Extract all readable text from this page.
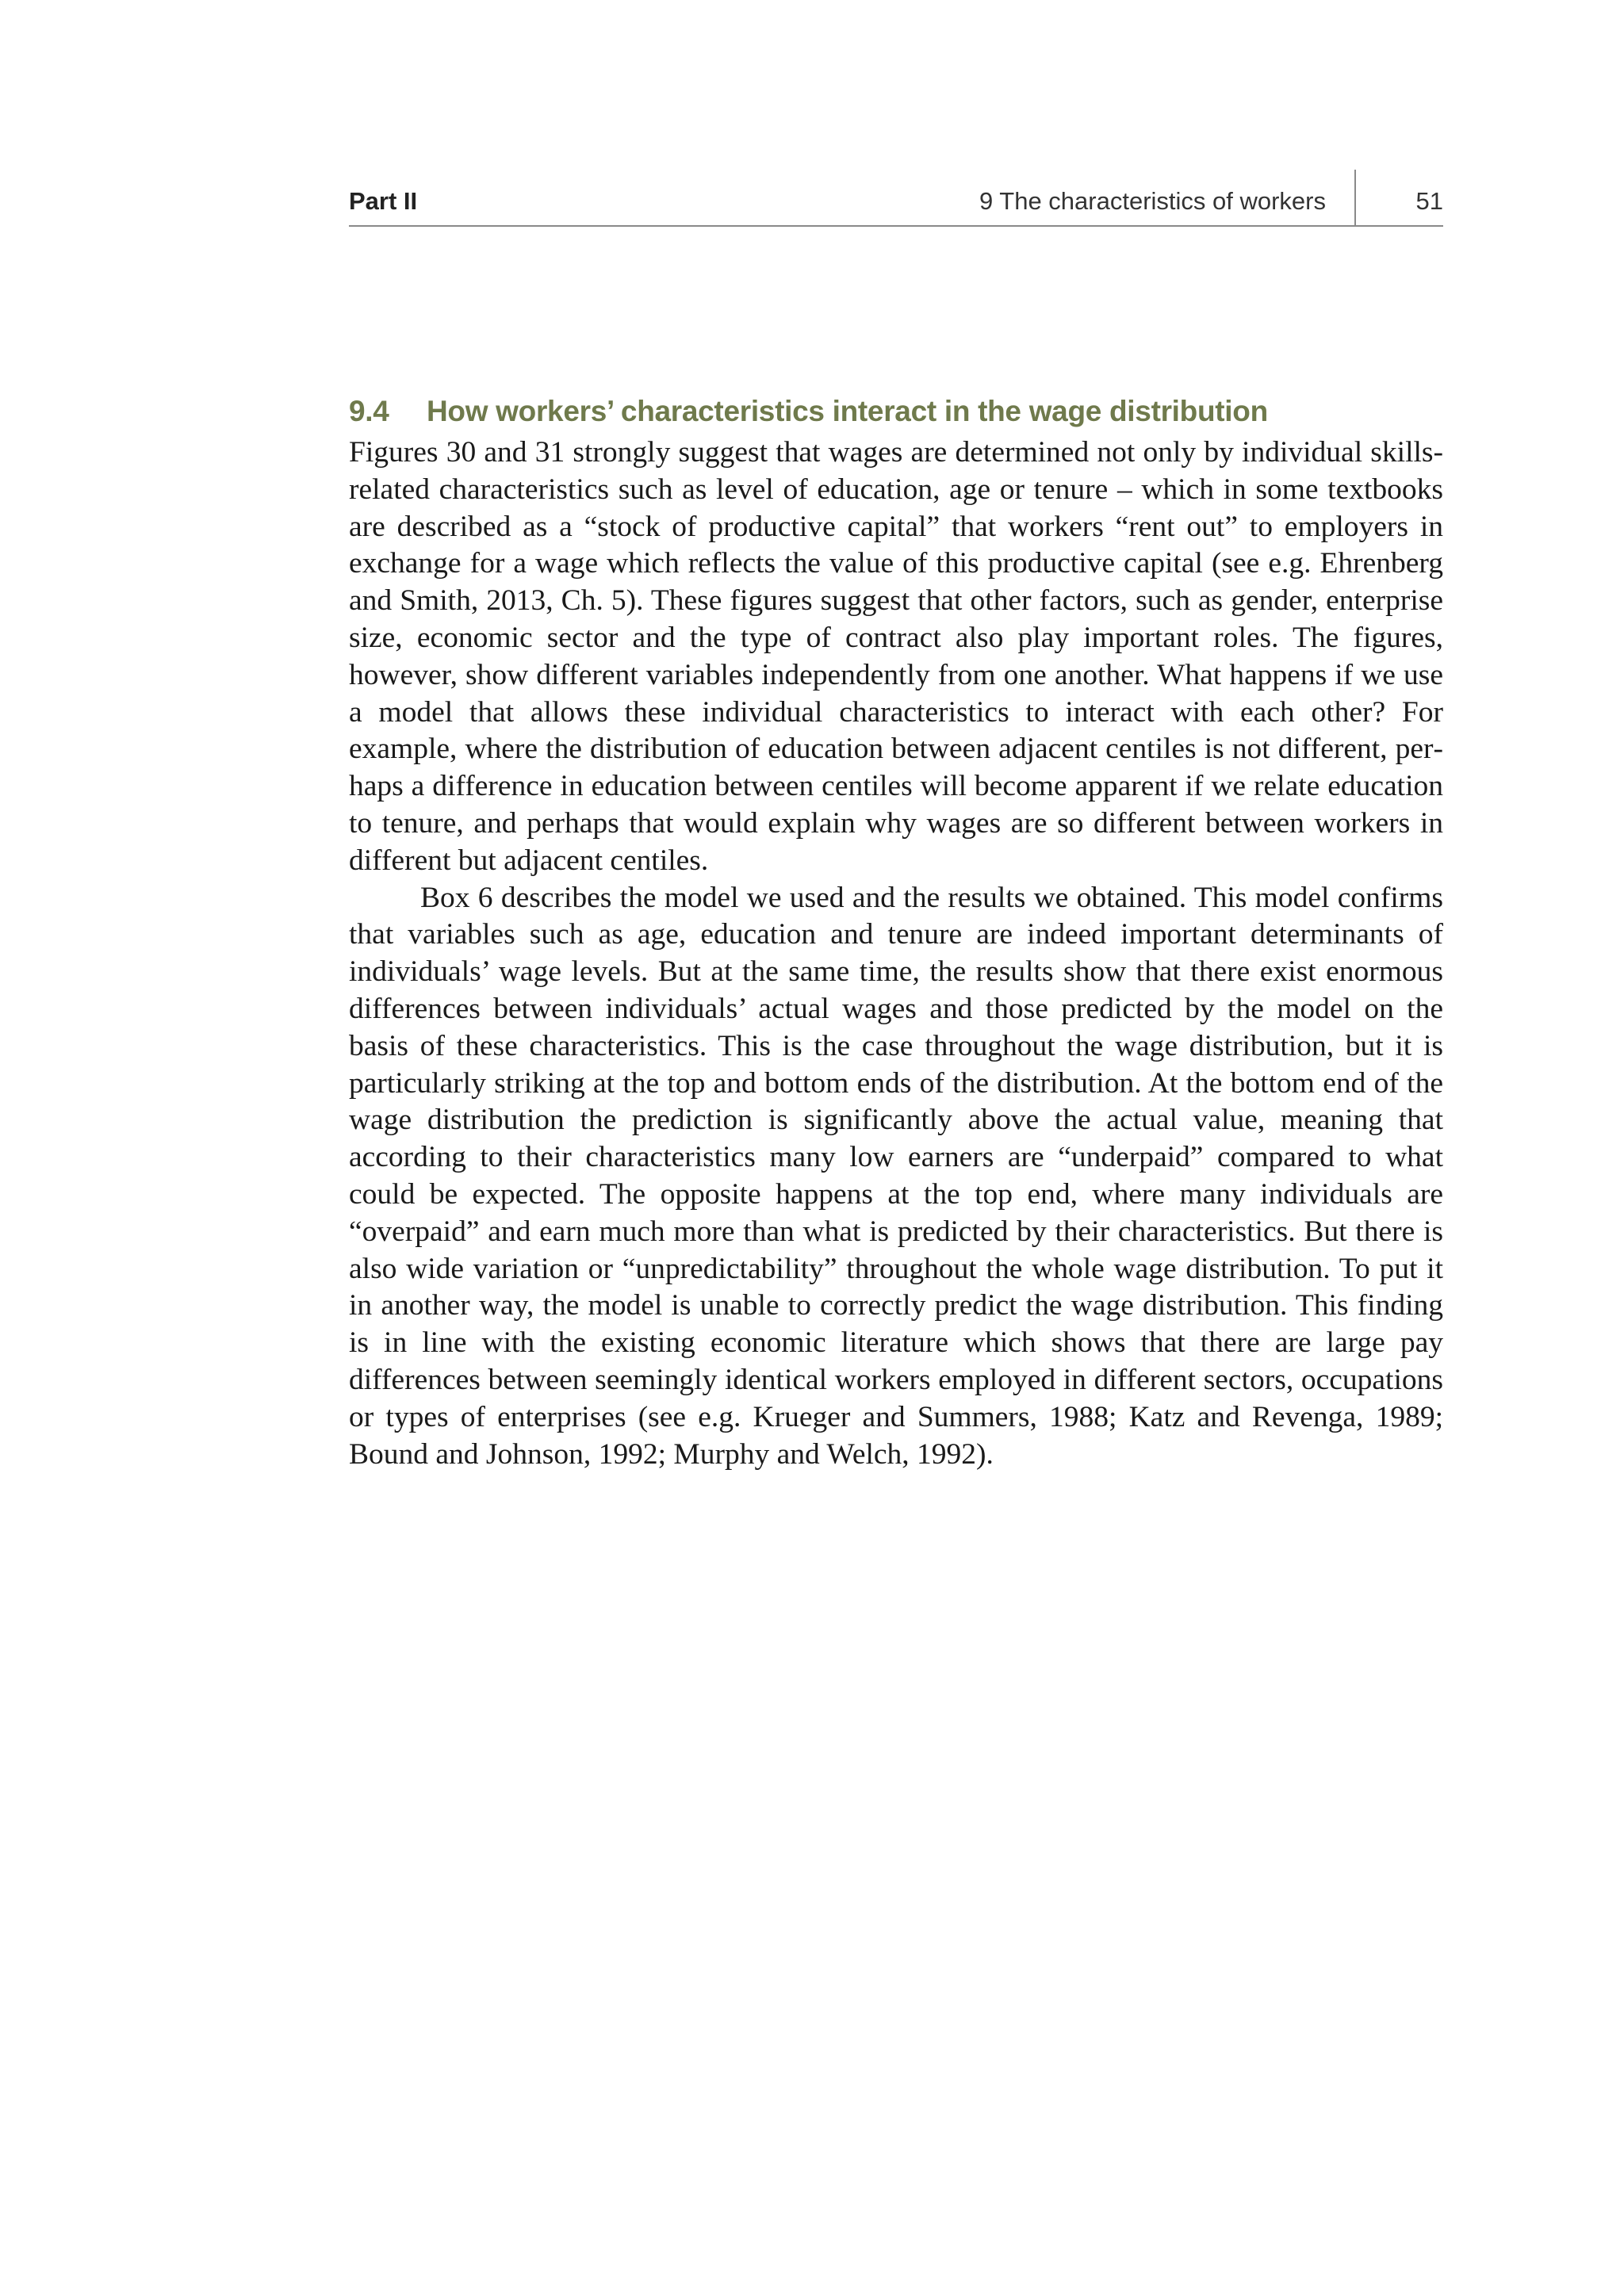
Part II	9 The characteristics of workers	51
9.4 How workers’ characteristics interact in the wage distribution

Figures 30 and 31 strongly suggest that wages are determined not only by individual skills-related characteristics such as level of education, age or tenure – which in some textbooks are described as a “stock of productive capital” that workers “rent out” to employers in exchange for a wage which reflects the value of this productive capital (see e.g. Ehrenberg and Smith, 2013, Ch. 5). These figures suggest that other factors, such as gender, enterprise size, economic sector and the type of contract also play important roles. The figures, however, show different variables independently from one another. What happens if we use a model that allows these individual characteristics to interact with each other? For example, where the distribution of education between adjacent centiles is not different, perhaps a difference in education between centiles will become apparent if we relate education to tenure, and perhaps that would explain why wages are so different between workers in different but adjacent centiles.

Box 6 describes the model we used and the results we obtained. This model confirms that variables such as age, education and tenure are indeed important determinants of individuals’ wage levels. But at the same time, the results show that there exist enormous differences between individuals’ actual wages and those predicted by the model on the basis of these characteristics. This is the case throughout the wage distribution, but it is particularly striking at the top and bottom ends of the distribution. At the bottom end of the wage distribution the prediction is significantly above the actual value, meaning that according to their characteristics many low earners are “underpaid” compared to what could be expected. The opposite happens at the top end, where many individuals are “overpaid” and earn much more than what is predicted by their characteristics. But there is also wide variation or “unpredictability” throughout the whole wage distribution. To put it in another way, the model is unable to correctly predict the wage distribution. This finding is in line with the existing economic literature which shows that there are large pay differences between seemingly identical workers employed in different sectors, occupations or types of enterprises (see e.g. Krueger and Summers, 1988; Katz and Revenga, 1989; Bound and Johnson, 1992; Murphy and Welch, 1992).
